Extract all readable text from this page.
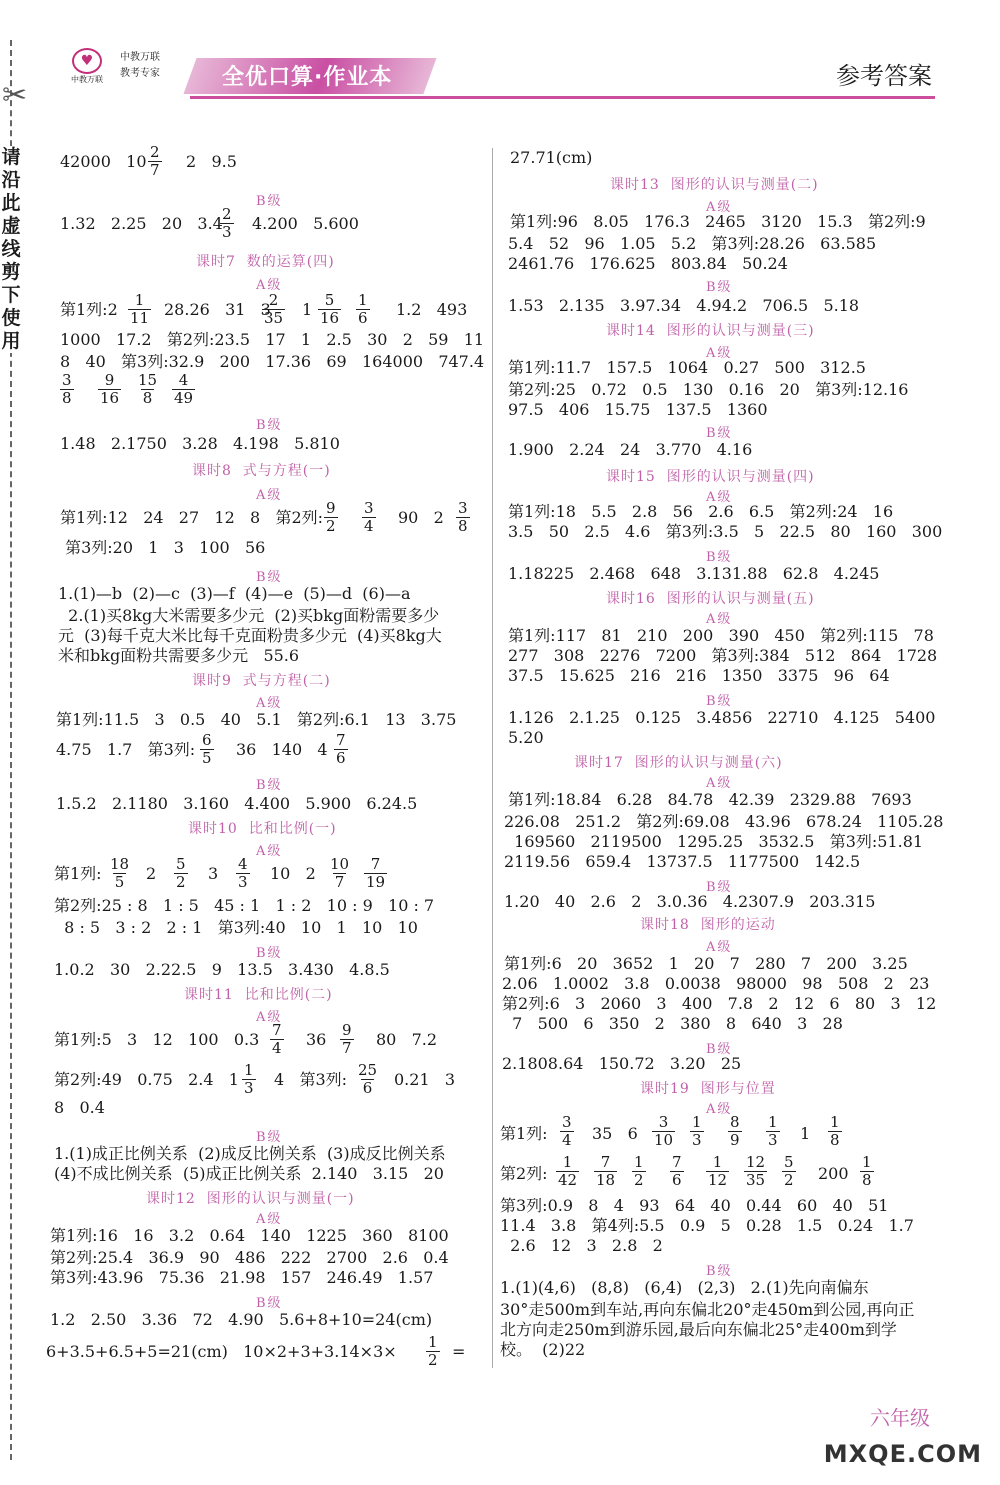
♥
中教万联
中教万联
教考专家	全优口算·作业本	参考答案
✂
请沿此虚线剪下使用
42000   10 2
7 2   9.5
B级
1.32   2.25   20   3.4 2
3 4.200   5.600
课时7  数的运算(四)
A级
第1列:2 1
11 28.26   31   3
2
35 1 5
16
1
6 1.2   493
1000   17.2   第2列:23.5   17   1   2.5   30   2   59   11
8   40   第3列:32.9   200   17.36   69   164000   747.4
3
8
9
16
15
8
4
49
B级
1.48   2.1750   3.28   4.198   5.810
课时8  式与方程(一)
A级
第1列:12   24   27   12   8   第2列: 9
2
3
4 90   2 3
8
第3列:20   1   3   100   56
B级
1.(1)—b  (2)—c  (3)—f  (4)—e  (5)—d  (6)—a
2.(1)买8kg大米需要多少元  (2)买bkg面粉需要多少
元  (3)每千克大米比每千克面粉贵多少元  (4)买8kg大
米和bkg面粉共需要多少元   55.6
课时9  式与方程(二)
A级
第1列:11.5   3   0.5   40   5.1   第2列:6.1   13   3.75
4.75   1.7   第3列: 6
5 36   140   4 7
6
B级
1.5.2   2.1180   3.160   4.400   5.900   6.24.5
课时10  比和比例(一)
A级
第1列: 18
5 2 5
2 3 4
3 10   2 10
7
7
19
第2列:25 : 8   1 : 5   45 : 1   1 : 2   10 : 9   10 : 7
8 : 5   3 : 2   2 : 1   第3列:40   10   1   10   10
B级
1.0.2   30   2.22.5   9   13.5   3.430   4.8.5
课时11  比和比例(二)
A级
第1列:5   3   12   100   0.3 7
4 36 9
7 80   7.2
第2列:49   0.75   2.4   1 1
3 4   第3列: 25
6 0.21   3
8   0.4
B级
1.(1)成正比例关系  (2)成反比例关系  (3)成反比例关系
(4)不成比例关系  (5)成正比例关系  2.140   3.15   20
课时12  图形的认识与测量(一)
A级
第1列:16   16   3.2   0.64   140   1225   360   8100
第2列:25.4   36.9   90   486   222   2700   2.6   0.4
第3列:43.96   75.36   21.98   157   246.49   1.57
B级
1.2   2.50   3.36   72   4.90   5.6+8+10=24(cm)
6+3.5+6.5+5=21(cm)   10×2+3+3.14×3× 1
2 =
27.71(cm)
课时13  图形的认识与测量(二)
A级
第1列:96   8.05   176.3   2465   3120   15.3   第2列:9
5.4   52   96   1.05   5.2   第3列:28.26   63.585
2461.76   176.625   803.84   50.24
B级
1.53   2.135   3.97.34   4.94.2   706.5   5.18
课时14  图形的认识与测量(三)
A级
第1列:11.7   157.5   1064   0.27   500   312.5
第2列:25   0.72   0.5   130   0.16   20   第3列:12.16
97.5   406   15.75   137.5   1360
B级
1.900   2.24   24   3.770   4.16
课时15  图形的认识与测量(四)
A级
第1列:18   5.5   2.8   56   2.6   6.5   第2列:24   16
3.5   50   2.5   4.6   第3列:3.5   5   22.5   80   160   300
B级
1.18225   2.468   648   3.131.88   62.8   4.245
课时16  图形的认识与测量(五)
A级
第1列:117   81   210   200   390   450   第2列:115   78
277   308   2276   7200   第3列:384   512   864   1728
37.5   15.625   216   216   1350   3375   96   64
B级
1.126   2.1.25   0.125   3.4856   22710   4.125   5400
5.20
课时17  图形的认识与测量(六)
A级
第1列:18.84   6.28   84.78   42.39   2329.88   7693
226.08   251.2   第2列:69.08   43.96   678.24   1105.28
169560   2119500   1295.25   3532.5   第3列:51.81
2119.56   659.4   13737.5   1177500   142.5
B级
1.20   40   2.6   2   3.0.36   4.2307.9   203.315
课时18  图形的运动
A级
第1列:6   20   3652   1   20   7   280   7   200   3.25
2.06   1.0002   3.8   0.0038   98000   98   508   2   23
第2列:6   3   2060   3   400   7.8   2   12   6   80   3   12
7   500   6   350   2   380   8   640   3   28
B级
2.1808.64   150.72   3.20   25
课时19  图形与位置
A级
第1列:
3
4 35   6
3
10
1
3
8
9
1
3 1
1
8
第2列:
1
42
7
18
1
2
7
6
1
12
12
35
5
2 200
1
8
第3列:0.9   8   4   93   64   40   0.44   60   40   51
11.4   3.8   第4列:5.5   0.9   5   0.28   1.5   0.24   1.7
2.6   12   3   2.8   2
B级
1.(1)(4,6)   (8,8)   (6,4)   (2,3)   2.(1)先向南偏东
30°走500m到车站,再向东偏北20°走450m到公园,再向正
北方向走250m到游乐园,最后向东偏北25°走400m到学
校。  (2)22
六年级
MXQE.COM
